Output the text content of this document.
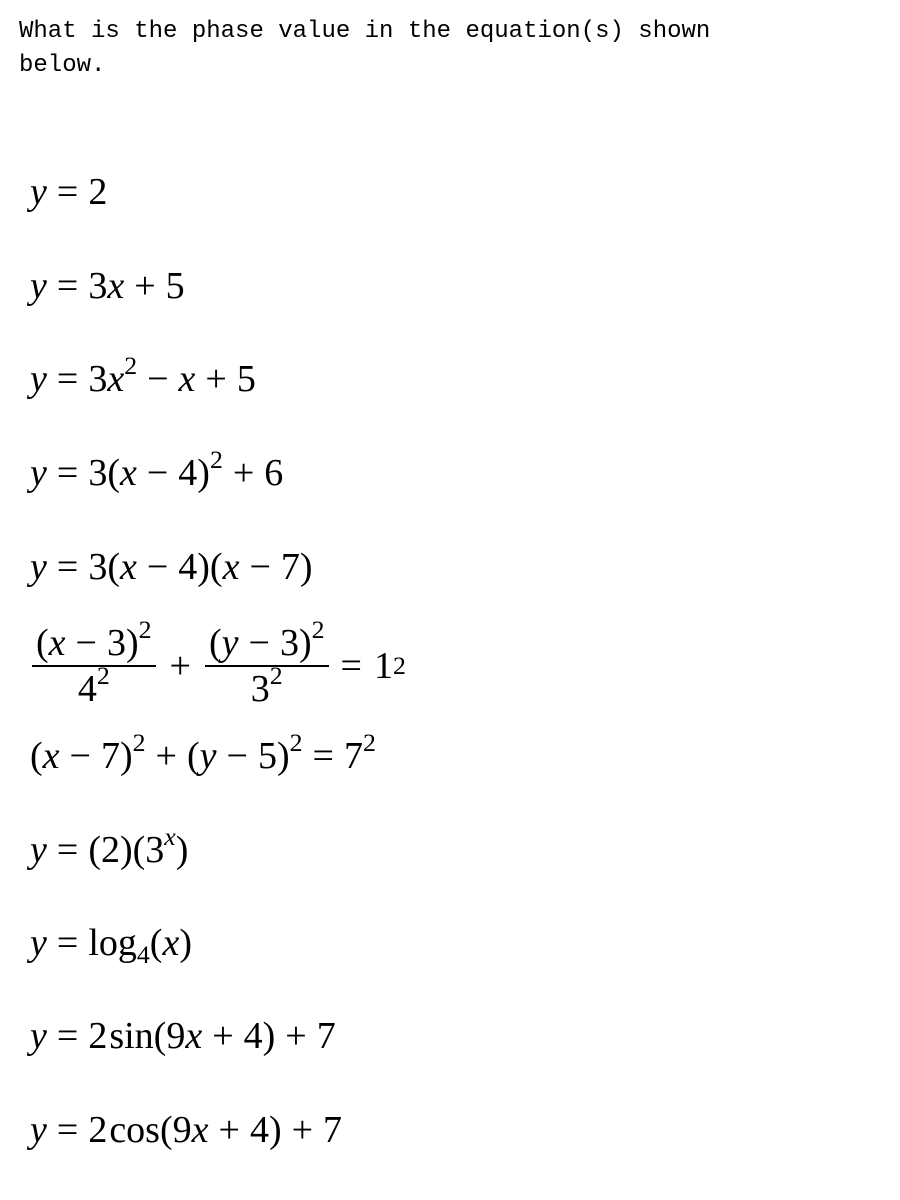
What is the phase value in the equation(s) shown
below.

y = 2
y = 3x + 5
$y = 3x^2 - x + 5$
$y = 3(x - 4)^2 + 6$
y = 3(x − 4)(x − 7)
$\frac{(x - 3)^2}{4^2} + \frac{(y - 3)^2}{3^2} = 1$ 2
$(x - 7)^2 + (y - 5)^2 = 7^2$
$y = (2)(3^x)$
$y = \log_4(x)$
y = 2sin(9x + 4) + 7
y = 2cos(9x + 4) + 7
